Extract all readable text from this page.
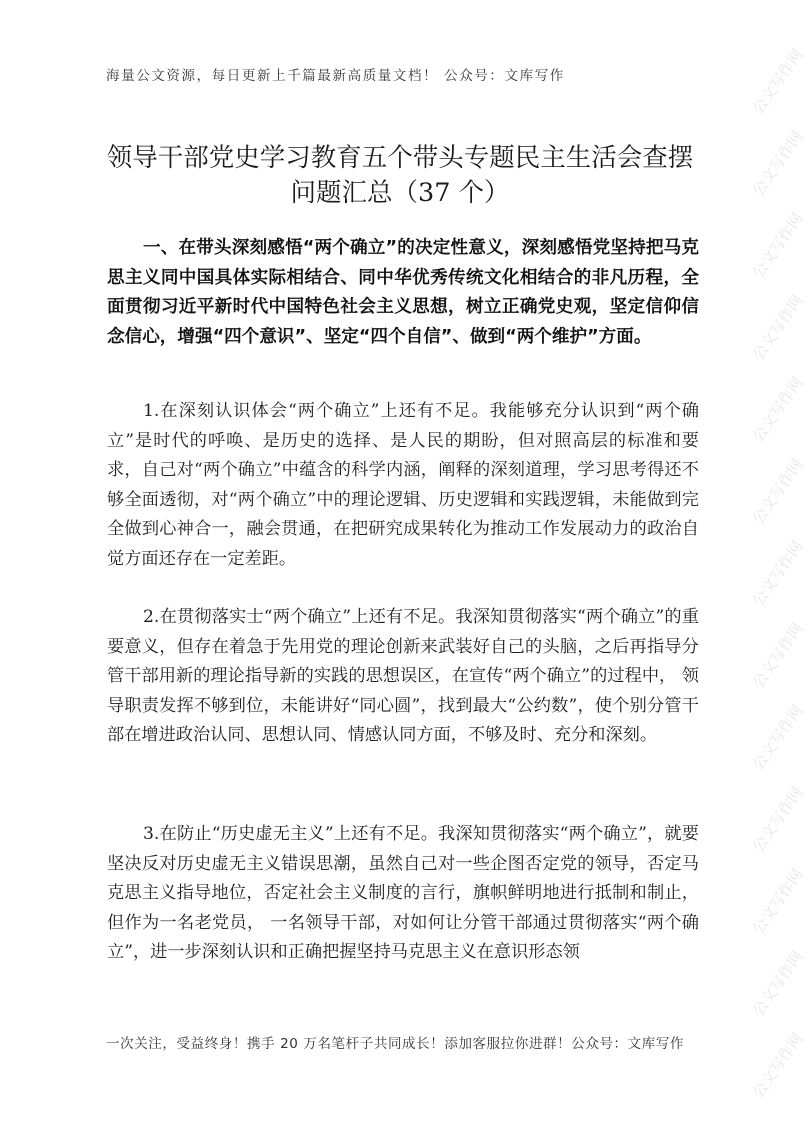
公文写作网
公文写作网
公文写作网
公文写作网
公文写作网
公文写作网
公文写作网
公文写作网
公文写作网
公文写作网
公文写作网
公文写作网
公文写作网
海量公文资源，每日更新上千篇最新高质量文档！ 公众号：文库写作
领导干部党史学习教育五个带头专题民主生活会查摆问题汇总（37 个）
一、在带头深刻感悟“两个确立”的决定性意义，深刻感悟党坚持把马克思主义同中国具体实际相结合、同中华优秀传统文化相结合的非凡历程，全面贯彻习近平新时代中国特色社会主义思想，树立正确党史观，坚定信仰信念信心，增强“四个意识”、坚定“四个自信”、做到“两个维护”方面。
1.在深刻认识体会“两个确立”上还有不足。我能够充分认识到“两个确立”是时代的呼唤、是历史的选择、是人民的期盼，但对照高层的标准和要求，自己对“两个确立”中蕴含的科学内涵，阐释的深刻道理，学习思考得还不够全面透彻，对“两个确立”中的理论逻辑、历史逻辑和实践逻辑，未能做到完全做到心神合一，融会贯通，在把研究成果转化为推动工作发展动力的政治自觉方面还存在一定差距。
2.在贯彻落实士“两个确立”上还有不足。我深知贯彻落实“两个确立”的重要意义，但存在着急于先用党的理论创新来武装好自己的头脑，之后再指导分管干部用新的理论指导新的实践的思想误区，在宣传“两个确立”的过程中， 领导职责发挥不够到位，未能讲好“同心圆”，找到最大“公约数”，使个别分管干部在增进政治认同、思想认同、情感认同方面，不够及时、充分和深刻。
3.在防止“历史虚无主义”上还有不足。我深知贯彻落实“两个确立”，就要坚决反对历史虚无主义错误思潮，虽然自己对一些企图否定党的领导，否定马克思主义指导地位，否定社会主义制度的言行，旗帜鲜明地进行抵制和制止， 但作为一名老党员， 一名领导干部，对如何让分管干部通过贯彻落实“两个确立”，进一步深刻认识和正确把握坚持马克思主义在意识形态领
一次关注，受益终身！携手 20 万名笔杆子共同成长！添加客服拉你进群！公众号：文库写作
